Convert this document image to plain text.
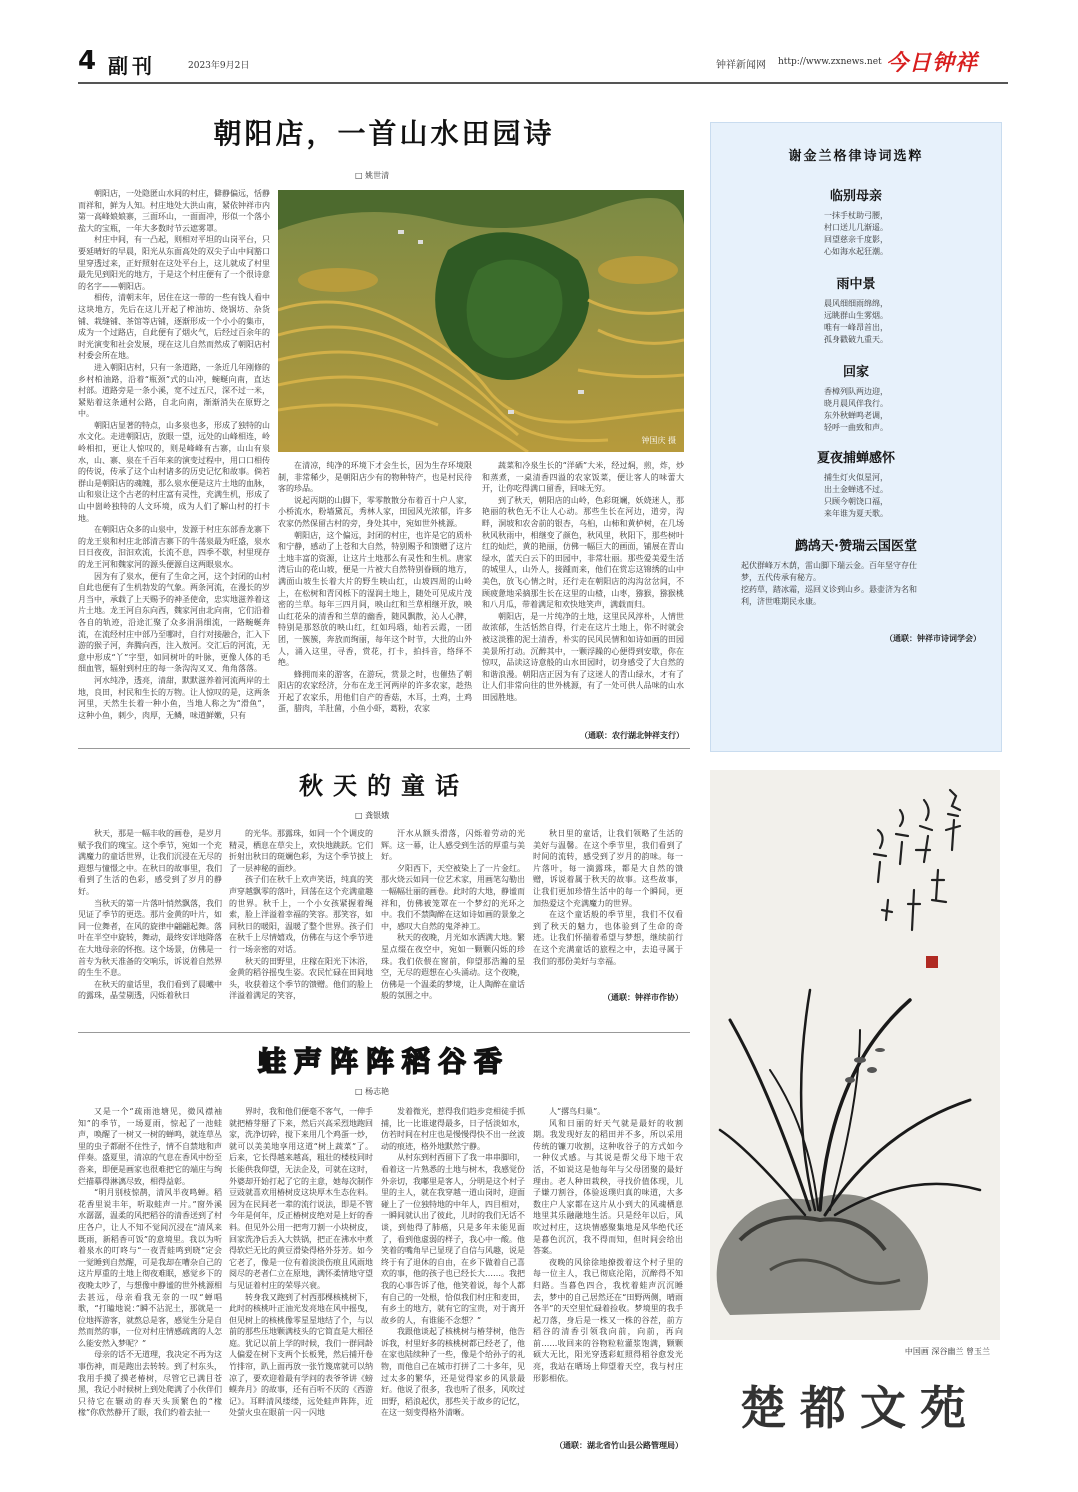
4 副刊	2023年9月2日	钟祥新闻网 http://www.zxnews.net 今日钟祥
朝阳店，一首山水田园诗
□ 姚世清

朝阳店，一处隐匿山水间的村庄，僻静偏远，恬静而祥和，鲜为人知。村庄地处大洪山南，紧依钟祥市内第一高峰娘娘寨，三面环山，一面面冲，形似一个落小盐大的宝瓶，一年大多数时节云遮雾罩。

村庄中间，有一凸起，则相对平坦的山岗平台，只要延晴好的早晨，阳光从东面高处的双尖子山中间豁口里穿透过来，正好照射在这处平台上，这儿就成了村里最先见到阳光的地方，于是这个村庄便有了一个很诗意的名字——朝阳店。

相传，清朝末年，居住在这一带的一些有钱人看中这块地方，先后在这儿开起了榨油坊、烧锅坊、杂货铺、栽缝铺、茶馆等店铺，逐渐形成一个小小的集市，成为一个过路店，自此便有了烟火气，后经过百余年的时光演变和社会发展，现在这儿自然而然成了朝阳店村村委会所在地。

进入朝阳店村，只有一条道路，一条近几年刚修的乡村柏油路，沿着“瓶颈”式的山冲，蜿蜒向南，直达村部。道路旁是一条小溪，宽不过五尺，深不过一米，紧贴着这条通村公路，自北向南，渐渐消失在原野之中。

朝阳店显著的特点，山多泉也多，形成了独特的山水文化。走进朝阳店，放眼一望，远处的山峰相连，岭岭相扣，更让人惊叹的，则是峰峰有古寨，山山有泉水，山、寨、泉在千百年来的演变过程中，用口口相传的传说，传承了这个山村诸多的历史记忆和故事。倘若群山是朝阳店的魂魄，那么泉水便是这片土地的血脉，山和泉让这个古老的村庄富有灵性，充满生机，形成了山中崮岭独特的人文环境，成为人们了解山村的打卡地。

在朝阳店众多的山泉中，发源于村庄东部香龙寨下的龙王泉和村庄北部清吉寨下的牛荡泉最为旺盛，泉水日日夜夜，汩汩欢流，长流不息，四季不歇，村里现存的龙王河和魏家河的源头便源自这两眼泉水。

因为有了泉水，便有了生命之河，这个封闭的山村自此也便有了生机勃发的气象。两条河流，在漫长的岁月当中，承载了上天赐予的神圣使命，忠实地滋养着这片土地。龙王河自东向西，魏家河由北向南，它们沿着各自的轨迹，沿途汇聚了众多涓涓细流，一路蜿蜒奔流，在流经村庄中部乃至哪时，自行对接融合，汇入下游的猴子河，奔腾向西，注入敖河。交汇后的河流，无意中形成“丫”字型，如同树叶的叶脉，更像人体的毛细血管，辐射到村庄的每一条沟沟叉叉、角角落落。

河水纯净，透亮，清甜，默默滋养着河流两岸的土地，良田，村民和生长的万物。让人惊叹的是，这两条河里，天然生长着一种小鱼，当地人称之为“滑鱼”，这种小鱼，刺少，肉厚，无鳞，味道鲜嫩，只有

钟国庆 摄

在清凉，纯净的环境下才会生长，因为生存环境限制，非常稀少，是朝阳店少有的物种特产，也是村民待客的珍品。

说起丙期的山脚下，零零散散分布着百十户人家，小桥流水，粉墙黛瓦，秀林人家，田园风光浓郁，许多农家仍然保留古村的旁，身处其中，宛如世外桃源。

朝阳店，这个偏远，封闭的村庄，也许是它的质朴和宁静，感动了上苍和大自然，特别赐予和馈赠了这片土地丰富的资源，让这片土地那么有灵性和生机。唐家湾后山的花山坡，便是一片被大自然特别眷顾的地方，满面山坡生长着大片的野生映山红，山坡四周的山岭上，在松树和青冈栎下的湿润土地上，随处可见成片茂密的兰草。每年三四月间，映山红和兰草相继开放，映山红花朵的清香和兰草的幽香，随风飘散，沁人心脾，特别是那怒放的映山红，红如玛瑙，灿若云霞，一团团，一簇簇，奔放而绚丽，每年这个时节，大批的山外人，涌入这里，寻香，赏花，打卡，拍抖音，络绎不绝。

蜂拥而来的游客，在游玩，赏景之时，也催热了朝阳店的农家经济，分布在龙王河两岸的许多农家，趁热开起了农家乐，用他们自产的香菇，木耳，土鸡，土鸡蛋，腊肉，羊肚菌，小鱼小虾，葛粉，农家

蔬菜和冷泉生长的“洋硒”大米，经过焖，煎，炸，炒和蒸煮，一桌清香四溢的农家饭菜，便让客人的味蕾大开，让你吃得满口留香，回味无穷。

到了秋天，朝阳店的山岭，色彩斑斓，妖娆迷人，那艳丽的秋色无不让人心动。那些生长在河边，道旁，沟畔，洞坡和农舍前的银杏，乌桕，山柿和黄栌树，在几场秋风秋雨中，相继变了颜色，秋风里，秋阳下，那些树叶红的灿烂，黄的艳丽，仿佛一幅巨大的画面，铺展在青山绿水，蓝天白云下的田园中，非常壮丽。那些爱美爱生活的城里人，山外人，接踵而来，他们在赏忘这锦绣的山中美色，放飞心情之时，还行走在朝阳店的沟沟岔岔间，不顾疲惫地采摘那生长在这里的山楂，山枣，猕猴，猕猴桃和八月瓜，带着满足和欢快地笑声，满载而归。

朝阳店，是一片纯净的土地，这里民风淳朴，人情世故浓郁，生活恬然自得，行走在这片土地上，你不时就会被这淡雅的泥土清香，朴实的民风民情和如诗如画的田园美景所打动。沉醉其中，一颗浮躁的心便得到安歇，你在惊叹，品读这诗意般的山水田园时，切身感受了大自然的和谐浪漫。朝阳店正因为有了这迷人的青山绿水，才有了让人们非常向往的世外桃源，有了一处可供人品味的山水田园胜地。

（通联：农行湖北钟祥支行）
谢金兰格律诗词选粹

临别母亲

一抹手杖助弓腰，

村口送儿几渐遥。

回望慈亲千度影，

心如海水起狂潮。

雨中景

晨风细细雨绵绵，

远眺群山生雾烟。

唯有一峰昂首出，

孤身戳破九重天。

回家

香樟列队两边迎，

晓月晨风伴我行。

东外秋蝉鸣老调，

轻呼一曲致和声。

夏夜捕蝉感怀

捕生灯火似星河，

出土金蝉逃不过。

只顾今朝饶口福，

来年谁为夏天歌。

鹧鸪天·赞瑞云国医堂

起伏群峰万木荫，雷山脚下瑞云金。百年坚守存仕

梦，五代传承有秘方。

挖药草，踏冰霜，巡回义诊到山乡。悬壶济为名和

利，济世唯期民永康。

（通联：钟祥市诗词学会）
秋天的童话
□ 龚银娥

秋天，那是一幅丰收的画卷，是岁月赋予我们的瑰宝。这个季节，宛如一个充满魔力的童话世界，让我们沉浸在无尽的遐想与憧憬之中。在秋日的故事里，我们看到了生活的色彩，感受到了岁月的静好。

当秋天的第一片落叶悄然飘落，我们见证了季节的更迭。那片金黄的叶片，如同一位舞者，在风的旋律中翩翩起舞。落叶在半空中旋转，舞动，最终安详地降落在大地母亲的怀抱。这个场景，仿佛是一首专为秋天准备的交响乐，诉说着自然界的生生不息。

在秋天的童话里，我们看到了晨曦中的露珠，晶莹剔透，闪烁着秋日

的光华。那露珠，如同一个个调皮的精灵，栖息在草尖上，欢快地跳跃。它们折射出秋日的斑斓色彩，为这个季节披上了一层神秘的面纱。

孩子们在秋千上欢声笑语，纯真的笑声穿越飘零的落叶，回荡在这个充满童趣的世界。秋千上，一个小女孩紧握着绳索，脸上洋溢着幸福的笑容。那笑容，如同秋日的暖阳，温暖了整个世界。孩子们在秋千上尽情嬉戏，仿佛在与这个季节进行一场亲密的对话。

秋天的田野里，庄稼在阳光下沐浴，金黄的稻谷摇曳生姿。农民忙碌在田间地头，收获着这个季节的馈赠。他们的脸上洋溢着满足的笑容，

汗水从额头滑落，闪烁着劳动的光辉。这一幕，让人感受到生活的厚重与美好。

夕阳西下，天空被染上了一片金红。那火烧云如同一位艺术家，用画笔勾勒出一幅幅壮丽的画卷。此时的大地，静谧而祥和，仿佛被笼罩在一个梦幻的光环之中。我们不禁陶醉在这如诗如画的景象之中，感叹大自然的鬼斧神工。

秋天的夜晚，月光如水洒满大地。繁星点缀在夜空中，宛如一颗颗闪烁的珍珠。我们依偎在窗前，仰望那浩瀚的星空，无尽的遐想在心头涌动。这个夜晚，仿佛是一个温柔的梦境，让人陶醉在童话般的氛围之中。

秋日里的童话，让我们领略了生活的美好与温馨。在这个季节里，我们看到了时间的流转，感受到了岁月的韵味。每一片落叶，每一滴露珠，都是大自然的馈赠，诉说着属于秋天的故事。这些故事，让我们更加珍惜生活中的每一个瞬间，更加热爱这个充满魔力的世界。

在这个童话般的季节里，我们不仅看到了秋天的魅力，也体验到了生命的奇迹。让我们怀揣着希望与梦想，继续前行在这个充满童话的旅程之中，去追寻属于我们的那份美好与幸福。

（通联：钟祥市作协）
蛙声阵阵稻谷香
□ 杨志艳

又是一个“疏雨池塘见，微风襟袖知”的季节，一场夏雨，惊起了一池蛙声，唤醒了一树又一树的蝉鸣，就连草丛里的虫子都耐不住性子，情不自禁地和声伴奏。盛夏里，清凉的气息在香风中纷至沓来，即便是画家也很难把它的端庄与绚烂描摹得淋漓尽致，相得益彰。

“明月别枝惊鹊，清风半夜鸣蝉。稻花香里说丰年，听取蛙声一片。”窗外溪水潺潺，温柔的风把稻谷的清香送到了村庄各户，让人不知不觉间沉浸在“清风来既雨，新稻香可饭”的意境里。我以为听着泉水的叮咚与“一夜青蛙鸣到晓”定会一觉睡到自然醒，可是我却在嘈杂自己的这片厚重的土地上彻夜难眠，感觉乡下的夜晚太吵了，与想像中静谧的世外桃源相去甚远，母亲看我无奈的一叹“蝉唱歌，“打瞌地说：”瞬不沾泥土，那就是一位地挥游客，就熬总是客，感觉生分是自然而然的事，一位对村庄情感疏离的人怎么能安然入梦呢？”

母亲的话不无道理，我决定不再为这事伤神，而是跑出去转转。到了村东头，我用手摸了摸老椿树，尽管它已满目苍黑，我记小时候树上到处爬满了小伙伴们只待它在辗动的春天头顶繁色的“椽椽”你欣然静开了眼，我们约着去扯一

界时，我和他们便毫不客气，一伸手就把椿芽掰了下来，然后兴高采烈地跑回家，洗净切碎，搅下来用几个鸡蛋一炒，就可以美美地享用这道“树上蔬菜”了。后来，它长得越来越高，粗壮的楼枝同时长能供我仰望，无法企及，可就在这时，外婆却开始打起了它的主意，她每次制作豆豉就喜欢用椿树皮这块厚木生态佐料。因为在民间老一辈的流行说法，即是不管今年是何年，反正椿树皮绝对是上好的香料。但见外公用一把弯刀割一小块树皮，回家洗净后丢入大铁锅，把正在沸水中煮得软烂无比的黄豆滑染得格外芬芳。如今它老了，像是一位有着淡淡伤痕且风雨地阅尽的老者仁立在原地，满怀柔情地守望与见证着村庄的荣辱兴衰。

转身我又跑到了村西那棵核桃树下，此时的核桃叶正油光发亮地在风中摇曳，但见树上的核桃像零星星地结了个，与以前的那些压地颗满枝头的它简直是大相径庭。犹记以前上学的时候，我们一群同龄人偏爱在树下支两个长板凳，然后捕开卷竹排帘，趴上面再放一张竹篾席就可以纳凉了，要欢迎着最有学问的表爷爷讲《螃蟆奔月》的故事，还有百听不厌的《西游记》。耳畔清风缕缕，远处蛙声阵阵，近处萤火虫在眼前一闪一闪地

发着微光，惹得我们趋步竞相徒手抓捕，比一比谁逮得最多，日子恬淡如水，仿若时间在村庄也是慢慢得快不出一丝波动的痕迹，格外地默然宁静。

从村东到村西留下了我一串串脚印，看着这一片熟悉的土地与树木，我感觉份外亲切，我嘟里是客人，分明是这个村子里的主人，就在我穿越一道山岗时，迎面碰上了一位独特地的中年人，四目相对，一瞬间就认出了彼此，儿时的我们无话不谈，到他得了肺癌，只是多年未能见面了，看到他虚弱的样子，我心中一酸。他笑着的嘴角早已显现了自信与风趣，说是终于有了退休的自由，在乡下做着自己喜欢的事，他的孩子也已经长大……。我把我的心事告诉了他，他笑着说，每个人都有自己的一处根，恰似我们村庄和麦田，有乡土的地方，就有它的宝贵，对于离开故乡的人，有谁能不念想？”

我跟他谈起了核桃树与椿芽树，他告诉我，村里好多的核桃树都已经老了，他在家也陆续种了一些，像是个给孙子的礼物，而他自己在城市打拼了二十多年，见过太多的繁华，还是觉得家乡的风景最好。他说了很多，我也听了很多，风吹过田野，稻浪起伏，那些关于故乡的记忆，在这一刻变得格外清晰。

人“撂鸟归巢”。

风和日丽的好天气就是最好的收割期。我发现好友的稻田并不多，所以采用传统的镰刀收割，这种收谷子的方式如今一种仪式感。与其说是帮父母下地干农活，不如说这是他每年与父母团聚的最好理由。老人种田栽秧，寻找价值体现，儿子嫌刀割谷，体验返璞归真的味道，大多数庄户人家都在这片从小到大的风魂栖息地里其乐融融地生活。只是经年以后，风吹过村庄，这块情感聚集地是风华绝代还是暮色沉沉，我不得而知，但时间会给出答案。

夜晚的风徐徐地撩拨着这个村子里的每一位主人，我已彻底沦陷，沉醉得不知归路。当暮色四合，我枕着蛙声沉沉睡去，梦中的自己居然还在“田野两侧，晴雨各半”的天空里忙碌着捡收。梦境里的我手起刀落，身后是一株又一株的谷茬，前方稻谷的清香引领我向前，向前，再向前……收回来的谷物粒粒灌浆饱满，颗颗硕大无比，阳光穿透彩虹照得稻谷愈发光亮，我站在晒场上仰望着天空，我与村庄形影相依。

（通联：湖北省竹山县公路管理局）
中国画 深谷幽兰 曾玉兰
楚都文苑
